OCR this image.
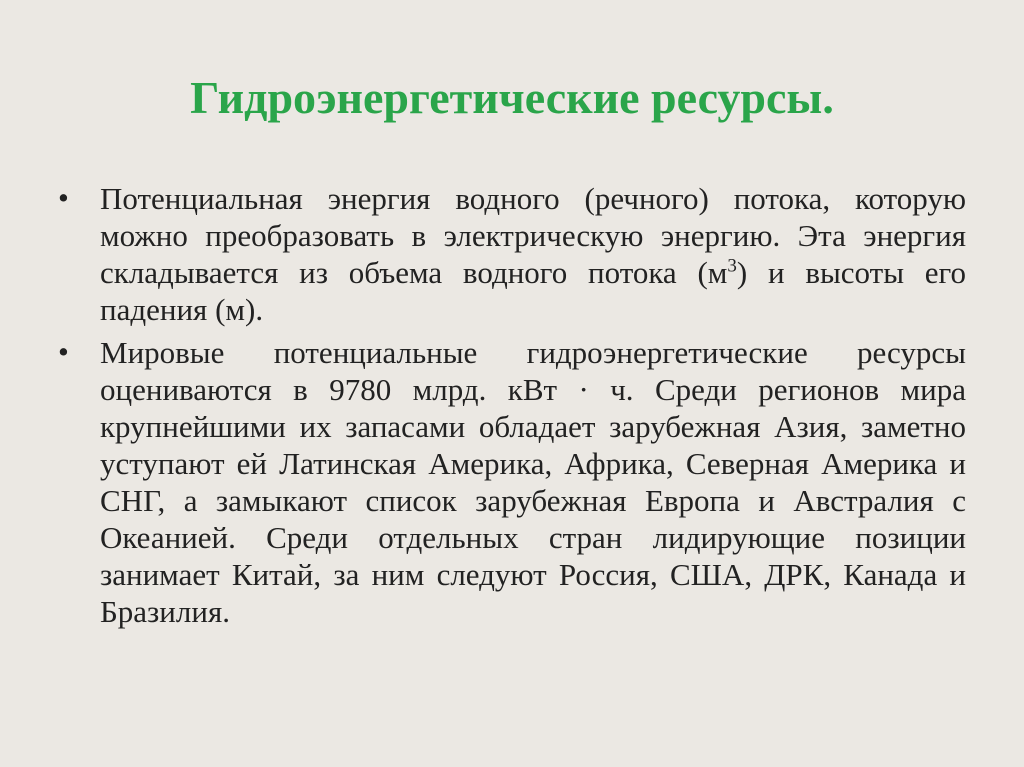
Гидроэнергетические ресурсы.
• Потенциальная энергия водного (речного) потока, которую можно преобразовать в электрическую энергию. Эта энергия складывается из объема водного потока $(м^3)$ и высоты его падения (м).
• Мировые потенциальные гидроэнергетические ресурсы оцениваются в 9780 млрд. кВт · ч. Среди регионов мира крупнейшими их запасами обладает зарубежная Азия, заметно уступают ей Латинская Америка, Африка, Северная Америка и СНГ, а замыкают список зарубежная Европа и Австралия с Океанией. Среди отдельных стран лидирующие позиции занимает Китай, за ним следуют Россия, США, ДРК, Канада и Бразилия.
